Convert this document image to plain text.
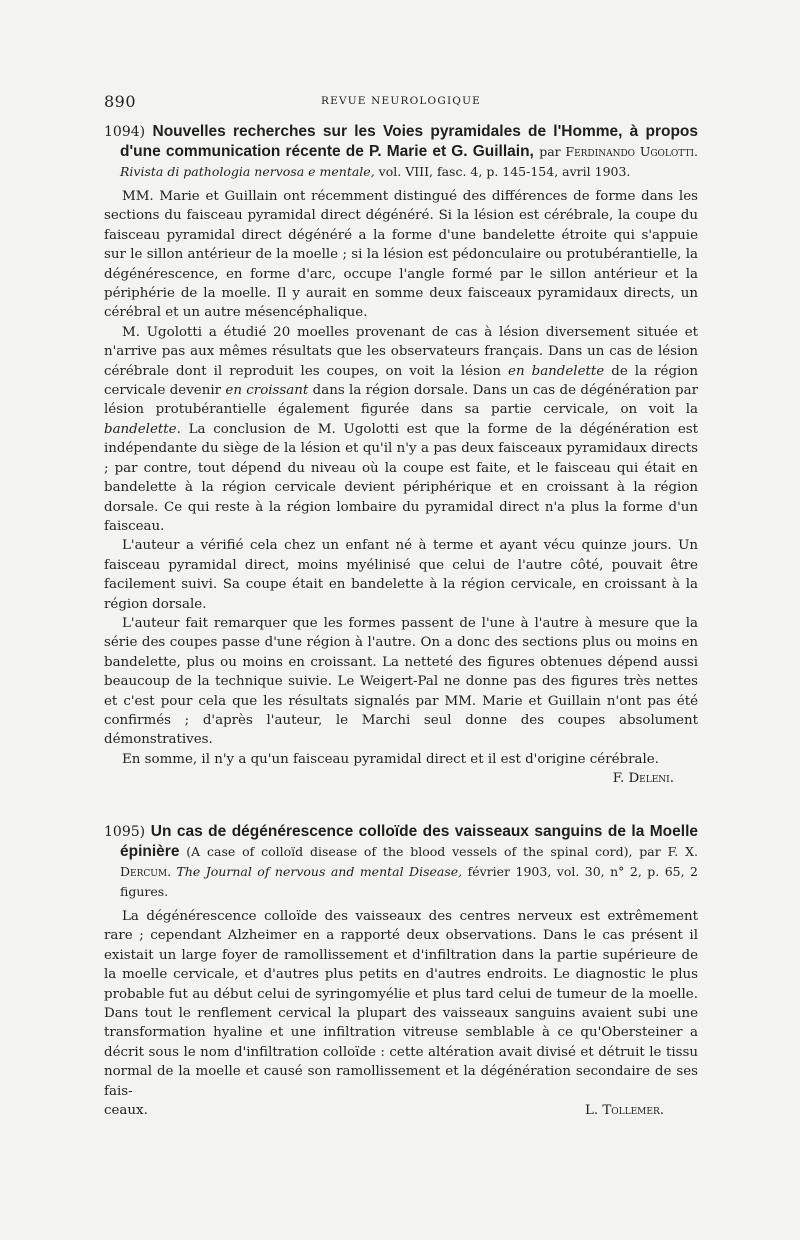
890	REVUE NEUROLOGIQUE
1094) Nouvelles recherches sur les Voies pyramidales de l'Homme, à propos d'une communication récente de P. Marie et G. Guillain, par Ferdinando Ugolotti. Rivista di pathologia nervosa e mentale, vol. VIII, fasc. 4, p. 145-154, avril 1903.

MM. Marie et Guillain ont récemment distingué des différences de forme dans les sections du faisceau pyramidal direct dégénéré. Si la lésion est cérébrale, la coupe du faisceau pyramidal direct dégénéré a la forme d'une bandelette étroite qui s'appuie sur le sillon antérieur de la moelle ; si la lésion est pédonculaire ou protubérantielle, la dégénérescence, en forme d'arc, occupe l'angle formé par le sillon antérieur et la périphérie de la moelle. Il y aurait en somme deux faisceaux pyramidaux directs, un cérébral et un autre mésencéphalique.

M. Ugolotti a étudié 20 moelles provenant de cas à lésion diversement située et n'arrive pas aux mêmes résultats que les observateurs français. Dans un cas de lésion cérébrale dont il reproduit les coupes, on voit la lésion en bandelette de la région cervicale devenir en croissant dans la région dorsale. Dans un cas de dégénération par lésion protubérantielle également figurée dans sa partie cervicale, on voit la bandelette. La conclusion de M. Ugolotti est que la forme de la dégénération est indépendante du siège de la lésion et qu'il n'y a pas deux faisceaux pyramidaux directs ; par contre, tout dépend du niveau où la coupe est faite, et le faisceau qui était en bandelette à la région cervicale devient périphérique et en croissant à la région dorsale. Ce qui reste à la région lombaire du pyramidal direct n'a plus la forme d'un faisceau.

L'auteur a vérifié cela chez un enfant né à terme et ayant vécu quinze jours. Un faisceau pyramidal direct, moins myélinisé que celui de l'autre côté, pouvait être facilement suivi. Sa coupe était en bandelette à la région cervicale, en croissant à la région dorsale.

L'auteur fait remarquer que les formes passent de l'une à l'autre à mesure que la série des coupes passe d'une région à l'autre. On a donc des sections plus ou moins en bandelette, plus ou moins en croissant. La netteté des figures obtenues dépend aussi beaucoup de la technique suivie. Le Weigert-Pal ne donne pas des figures très nettes et c'est pour cela que les résultats signalés par MM. Marie et Guillain n'ont pas été confirmés ; d'après l'auteur, le Marchi seul donne des coupes absolument démonstratives.

En somme, il n'y a qu'un faisceau pyramidal direct et il est d'origine cérébrale.

F. Deleni.
1095) Un cas de dégénérescence colloïde des vaisseaux sanguins de la Moelle épinière (A case of colloïd disease of the blood vessels of the spinal cord), par F. X. Dercum. The Journal of nervous and mental Disease, février 1903, vol. 30, n° 2, p. 65, 2 figures.

La dégénérescence colloïde des vaisseaux des centres nerveux est extrêmement rare ; cependant Alzheimer en a rapporté deux observations. Dans le cas présent il existait un large foyer de ramollissement et d'infiltration dans la partie supérieure de la moelle cervicale, et d'autres plus petits en d'autres endroits. Le diagnostic le plus probable fut au début celui de syringomyélie et plus tard celui de tumeur de la moelle. Dans tout le renflement cervical la plupart des vaisseaux sanguins avaient subi une transformation hyaline et une infiltration vitreuse semblable à ce qu'Obersteiner a décrit sous le nom d'infiltration colloïde : cette altération avait divisé et détruit le tissu normal de la moelle et causé son ramollissement et la dégénération secondaire de ses fais-

ceaux.	L. Tollemer.
